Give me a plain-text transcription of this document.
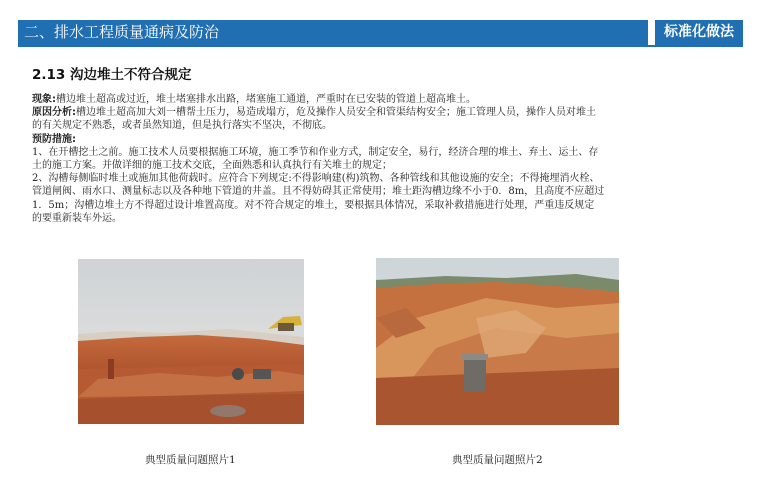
二、排水工程质量通病及防治	标准化做法
2.13 沟边堆土不符合规定

现象:槽边堆土超高或过近，堆土堵塞排水出路，堵塞施工通道，严重时在已安装的管道上超高堆土。

原因分析:槽边堆土超高加大刘一槽帮土压力，易造成塌方，危及操作人员安全和管渠结构安全；施工管理人员，操作人员对堆土

的有关规定不熟悉，或者虽然知道，但是执行落实不坚决，不彻底。

预防措施:

1、在开槽挖土之前。施工技术人员要根据施工环境，施工季节和作业方式，制定安全，易行，经济合理的堆土、弃土、运土、存

土的施工方案。并做详细的施工技术交底，全面熟悉和认真执行有关堆土的规定；

2、沟槽每侧临时堆土或施加其他荷载时。应符合下列规定:不得影响建(构)筑物、各种管线和其他设施的安全；不得掩埋消火栓、

管道闸阀、雨水口、测量标志以及各种地下管道的井盖。且不得妨碍其正常使用；堆土距沟槽边缘不小于0．8m，且高度不应超过

1．5m；沟槽边堆土方不得超过设计堆置高度。对不符合规定的堆土，要根据具体情况，采取补救措施进行处理，严重违反规定

的要重新装车外运。

典型质量问题照片1	典型质量问题照片2
